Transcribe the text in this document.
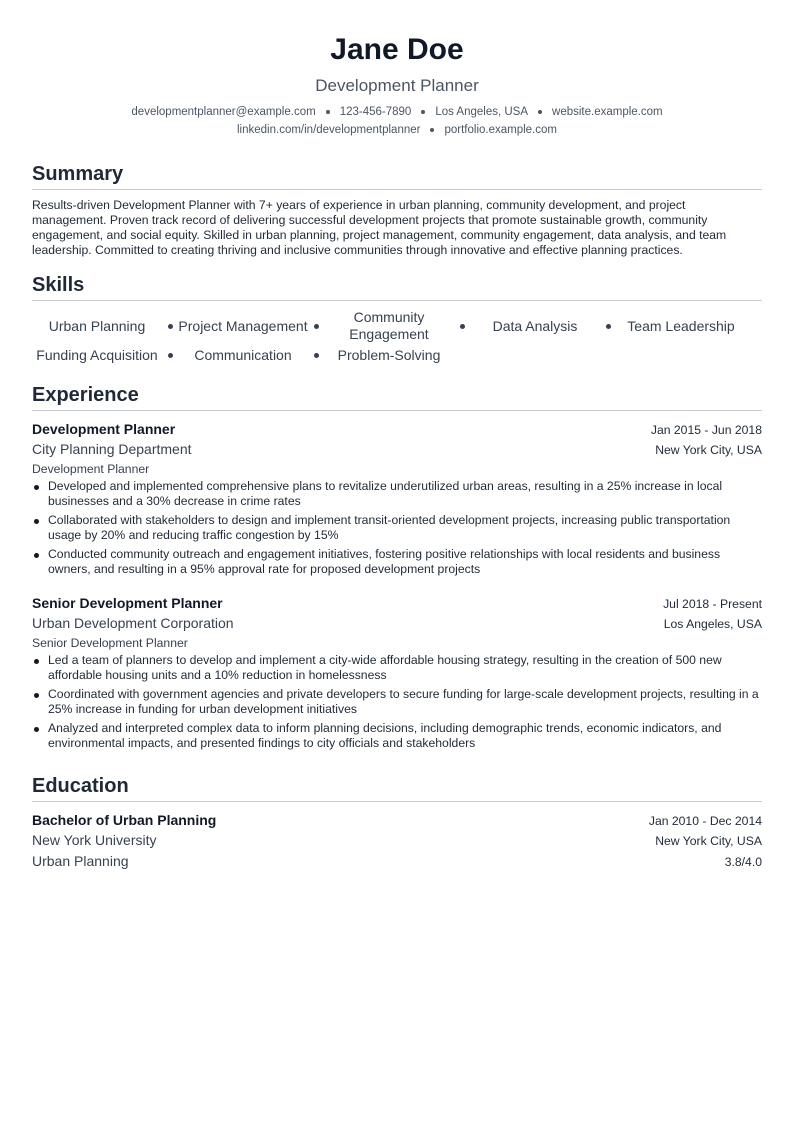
Jane Doe
Development Planner
developmentplanner@example.com 123-456-7890 Los Angeles, USA website.example.com
linkedin.com/in/developmentplanner portfolio.example.com
Summary

Results-driven Development Planner with 7+ years of experience in urban planning, community development, and project management. Proven track record of delivering successful development projects that promote sustainable growth, community engagement, and social equity. Skilled in urban planning, project management, community engagement, data analysis, and team leadership. Committed to creating thriving and inclusive communities through innovative and effective planning practices.

Skills
Urban Planning	Project Management
Community Engagement
Data Analysis	Team Leadership
Funding Acquisition	Communication	Problem-Solving
Experience
Development Planner	Jan 2015 - Jun 2018
City Planning Department	New York City, USA
Development Planner
Developed and implemented comprehensive plans to revitalize underutilized urban areas, resulting in a 25% increase in local businesses and a 30% decrease in crime rates
Collaborated with stakeholders to design and implement transit-oriented development projects, increasing public transportation usage by 20% and reducing traffic congestion by 15%
Conducted community outreach and engagement initiatives, fostering positive relationships with local residents and business owners, and resulting in a 95% approval rate for proposed development projects
Senior Development Planner	Jul 2018 - Present
Urban Development Corporation	Los Angeles, USA
Senior Development Planner
Led a team of planners to develop and implement a city-wide affordable housing strategy, resulting in the creation of 500 new affordable housing units and a 10% reduction in homelessness
Coordinated with government agencies and private developers to secure funding for large-scale development projects, resulting in a 25% increase in funding for urban development initiatives
Analyzed and interpreted complex data to inform planning decisions, including demographic trends, economic indicators, and environmental impacts, and presented findings to city officials and stakeholders
Education
Bachelor of Urban Planning	Jan 2010 - Dec 2014
New York University	New York City, USA
Urban Planning	3.8/4.0
